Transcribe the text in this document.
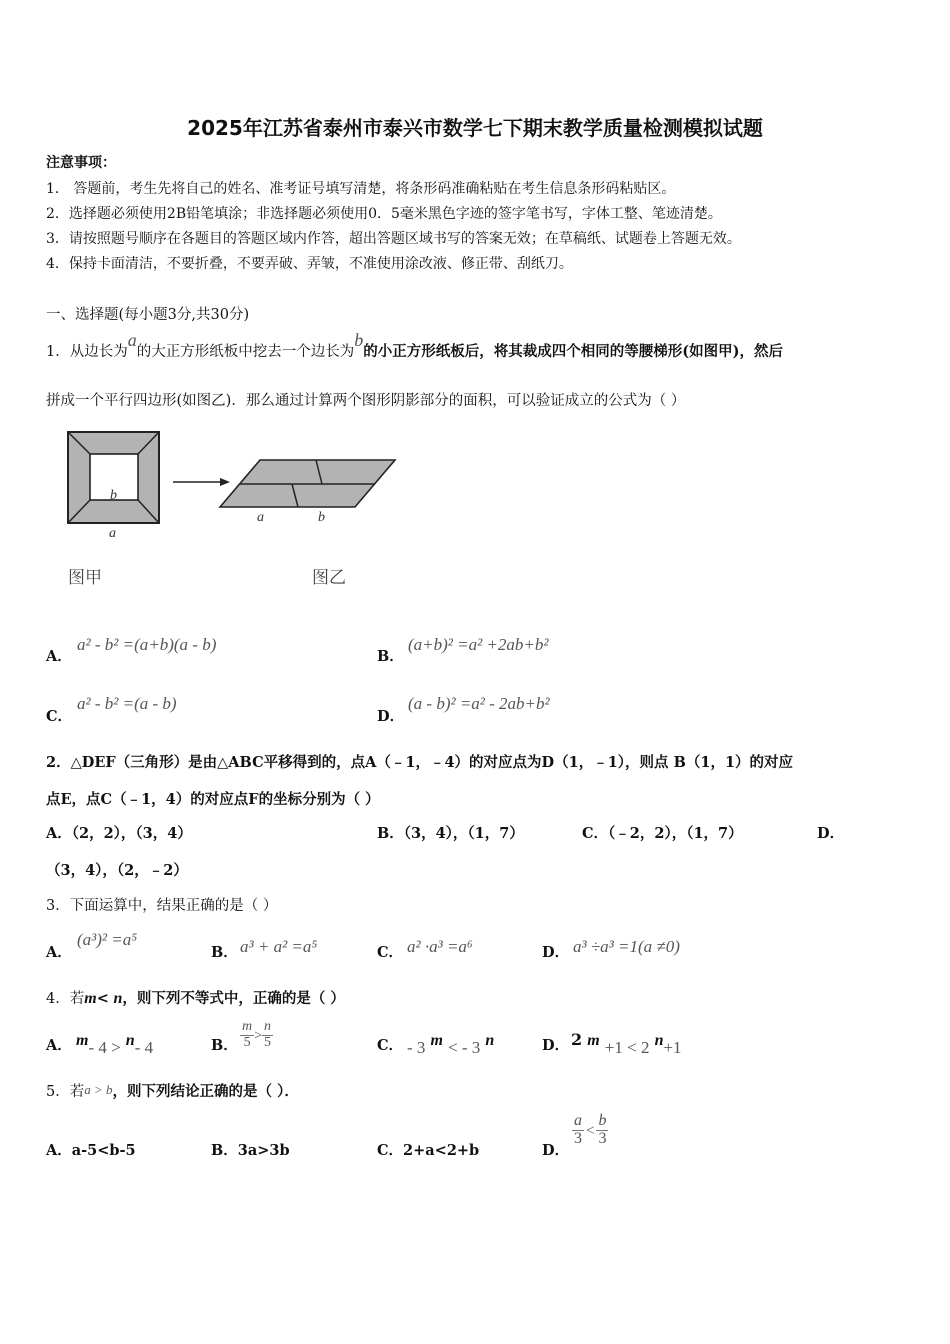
2025年江苏省泰州市泰兴市数学七下期末教学质量检测模拟试题
注意事项：
1． 答题前，考生先将自己的姓名、准考证号填写清楚，将条形码准确粘贴在考生信息条形码粘贴区。
2．选择题必须使用2B铅笔填涂；非选择题必须使用0．5毫米黑色字迹的签字笔书写，字体工整、笔迹清楚。
3．请按照题号顺序在各题目的答题区域内作答，超出答题区域书写的答案无效；在草稿纸、试题卷上答题无效。
4．保持卡面清洁，不要折叠，不要弄破、弄皱，不准使用涂改液、修正带、刮纸刀。
一、选择题(每小题3分,共30分)
1．从边长为a的大正方形纸板中挖去一个边长为b的小正方形纸板后，将其裁成四个相同的等腰梯形(如图甲)，然后
拼成一个平行四边形(如图乙)．那么通过计算两个图形阴影部分的面积，可以验证成立的公式为（ ）
b
a
a	b
图甲	图乙
A．
a² - b² =(a+b)(a - b)
B．
(a+b)² =a² +2ab+b²
C．
a² - b² =(a - b)
D．
(a - b)² =a² - 2ab+b²
2．△DEF（三角形）是由△ABC平移得到的，点A（﹣1，﹣4）的对应点为D（1，﹣1），则点 B（1，1）的对应
点E，点C（﹣1，4）的对应点F的坐标分别为（ ）
A．（2，2），（3，4）	B．（3，4），（1，7）	C．（﹣2，2），（1，7）	D．
（3，4），（2，﹣2）
3．下面运算中，结果正确的是（ ）
A．
(a³)² =a⁵
B． a³ + a² =a⁵	C． a² ·a³ =a⁶	D． a³ ÷a³ =1(a ≠0)
4．若m< n，则下列不等式中，正确的是（ ）
A． m- 4 > n- 4	B． $\frac{m}{5} > \frac{n}{5}$	C． - 3 m < - 3 n	D． 2 m +1 < 2 n+1
5．若a > b，则下列结论正确的是（ ）．
A．a-5<b-5	B．3a>3b	C．2+a<2+b	D．
$\frac{a}{3} < \frac{b}{3}$
